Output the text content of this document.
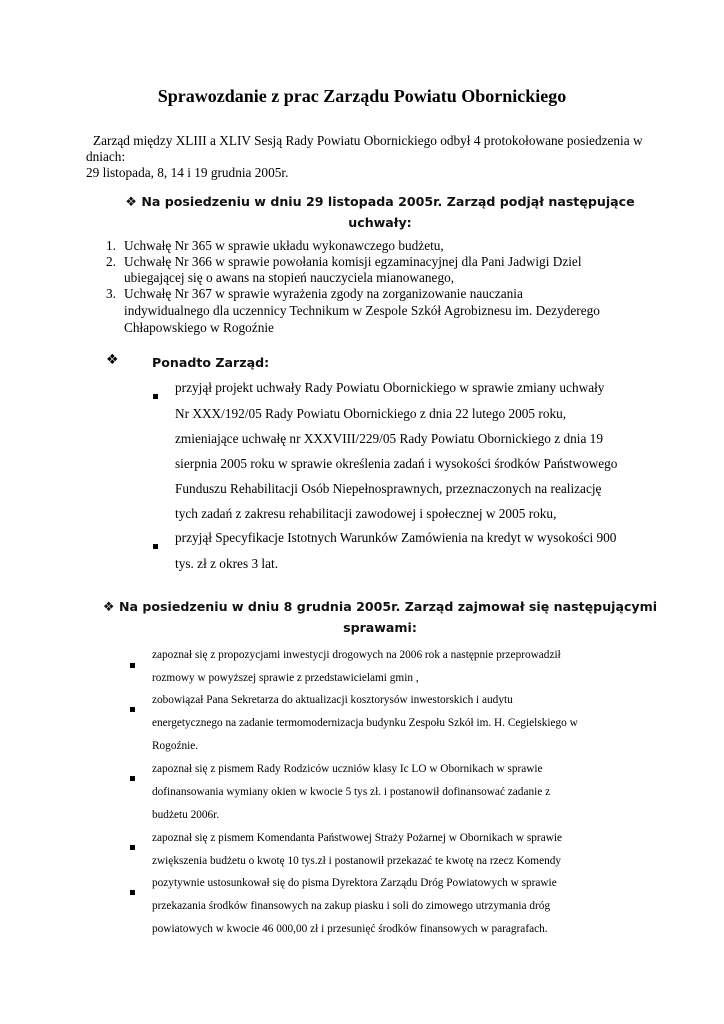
Sprawozdanie z prac Zarządu Powiatu Obornickiego
Zarząd między XLIII a XLIV Sesją Rady Powiatu Obornickiego odbył 4 protokołowane posiedzenia w
dniach:
29 listopada, 8, 14 i 19 grudnia 2005r.
❖ Na posiedzeniu w dniu 29 listopada 2005r. Zarząd podjął następujące
uchwały:
1. Uchwałę Nr 365 w sprawie układu wykonawczego budżetu,
2. Uchwałę Nr 366 w sprawie powołania komisji egzaminacyjnej dla Pani Jadwigi Dziel
ubiegającej się o awans na stopień nauczyciela mianowanego,
3. Uchwałę Nr 367 w sprawie wyrażenia zgody na zorganizowanie nauczania
indywidualnego dla uczennicy Technikum w Zespole Szkół Agrobiznesu im. Dezyderego
Chłapowskiego w Rogoźnie
❖	Ponadto Zarząd:
przyjął projekt uchwały Rady Powiatu Obornickiego w sprawie zmiany uchwały
Nr XXX/192/05 Rady Powiatu Obornickiego z dnia 22 lutego 2005 roku,
zmieniające uchwałę nr XXXVIII/229/05 Rady Powiatu Obornickiego z dnia 19
sierpnia 2005 roku w sprawie określenia zadań i wysokości środków Państwowego
Funduszu Rehabilitacji Osób Niepełnosprawnych, przeznaczonych na realizację
tych zadań z zakresu rehabilitacji zawodowej i społecznej w 2005 roku,
przyjął Specyfikacje Istotnych Warunków Zamówienia na kredyt w wysokości 900
tys. zł z okres 3 lat.
❖ Na posiedzeniu w dniu 8 grudnia 2005r. Zarząd zajmował się następującymi
sprawami:
zapoznał się z propozycjami inwestycji drogowych na 2006 rok a następnie przeprowadził
rozmowy w powyższej sprawie z przedstawicielami gmin ,
zobowiązał Pana Sekretarza do aktualizacji kosztorysów inwestorskich i audytu
energetycznego na zadanie termomodernizacja budynku Zespołu Szkół im. H. Cegielskiego w
Rogoźnie.
zapoznał się z pismem Rady Rodziców uczniów klasy Ic LO w Obornikach w sprawie
dofinansowania wymiany okien w kwocie 5 tys zł. i postanowił dofinansować zadanie z
budżetu 2006r.
zapoznał się z pismem Komendanta Państwowej Straży Pożarnej w Obornikach w sprawie
zwiększenia budżetu o kwotę 10 tys.zł i postanowił przekazać te kwotę na rzecz Komendy
pozytywnie ustosunkował się do pisma Dyrektora Zarządu Dróg Powiatowych w sprawie
przekazania środków finansowych na zakup piasku i soli do zimowego utrzymania dróg
powiatowych w kwocie 46 000,00 zł i przesunięć środków finansowych w paragrafach.
